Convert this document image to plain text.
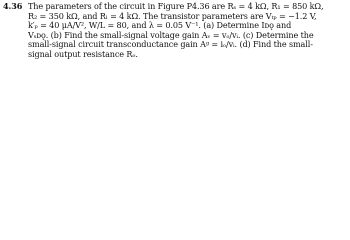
4.36 The parameters of the circuit in Figure P4.36 are Rₛ = 4 kΩ, R₁ = 850 kΩ,
R₂ = 350 kΩ, and Rₗ = 4 kΩ. The transistor parameters are Vₜₚ = −1.2 V,
k′ₚ = 40 μA/V², W/L = 80, and λ = 0.05 V⁻¹. (a) Determine Iᴅǫ and
Vₛᴅǫ. (b) Find the small-signal voltage gain Aᵥ = vₒ/vᵢ. (c) Determine the
small-signal circuit transconductance gain Aᵍ = iₒ/vᵢ. (d) Find the small-
signal output resistance Rₒ.
